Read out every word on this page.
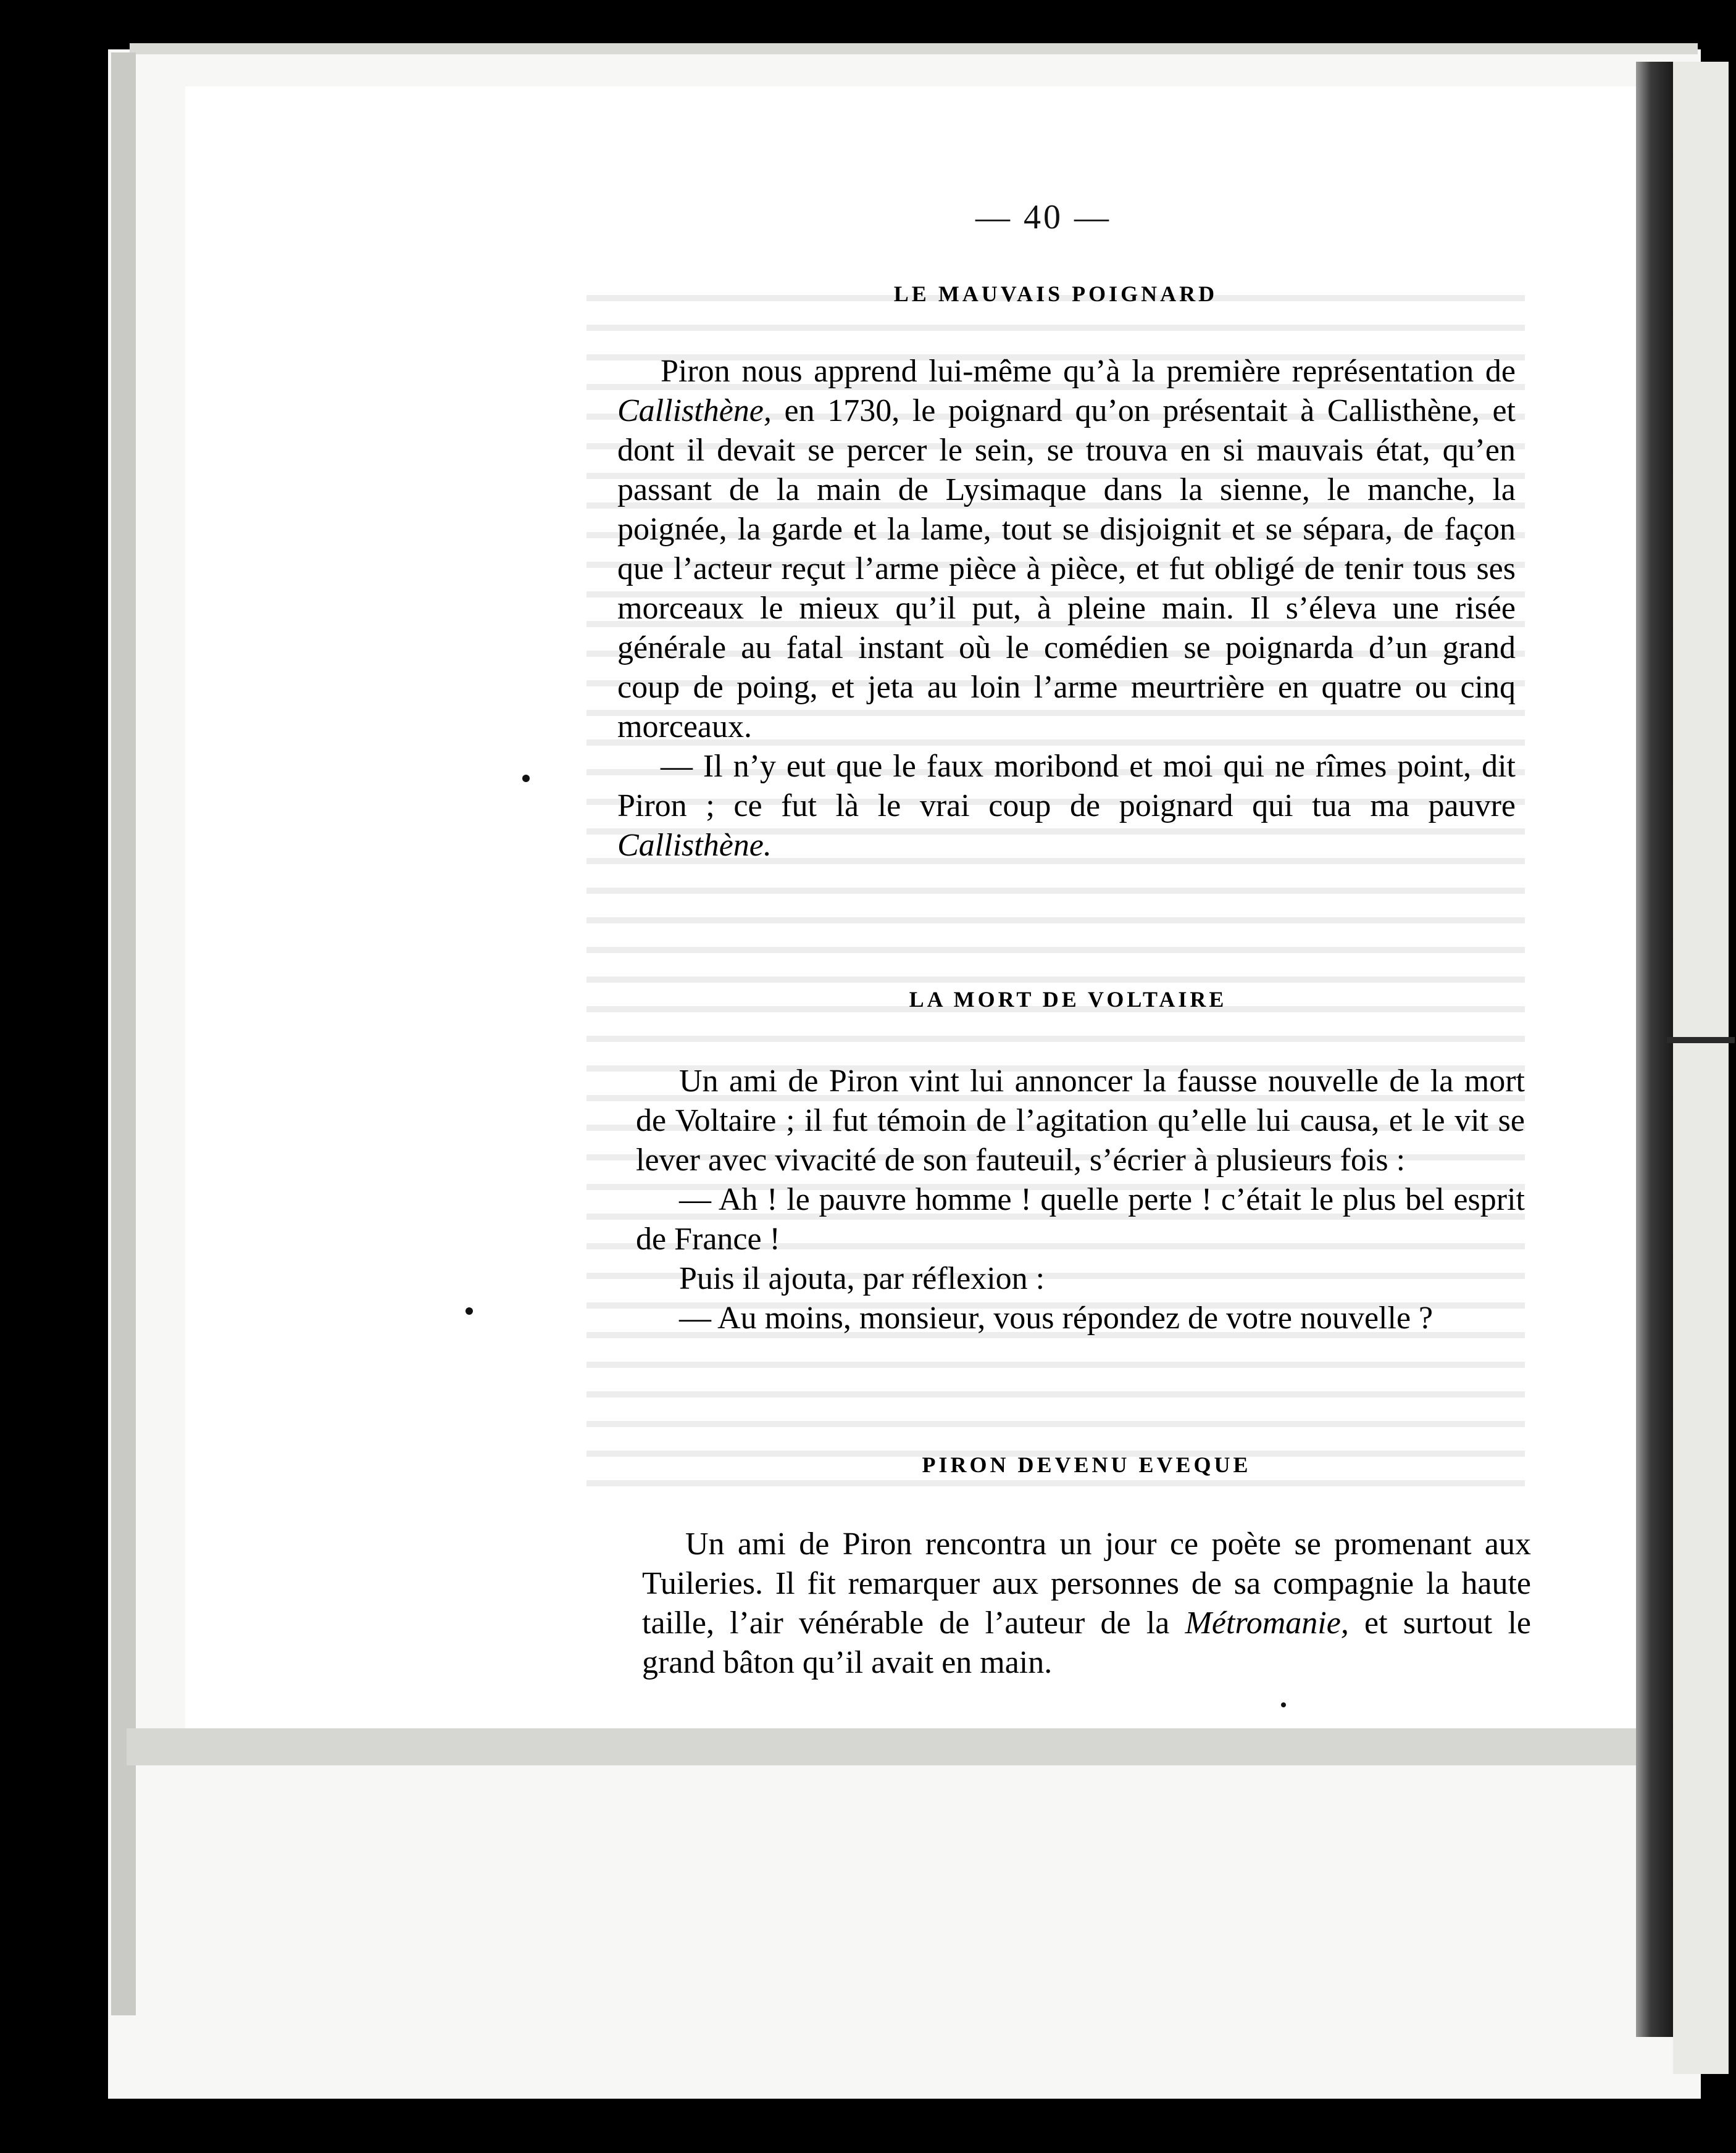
— 40 —
LE MAUVAIS POIGNARD

Piron nous apprend lui-même qu’à la première représentation de Callisthène, en 1730, le poignard qu’on présentait à Callisthène, et dont il devait se percer le sein, se trouva en si mauvais état, qu’en passant de la main de Lysimaque dans la sienne, le manche, la poignée, la garde et la lame, tout se disjoignit et se sépara, de façon que l’acteur reçut l’arme pièce à pièce, et fut obligé de tenir tous ses morceaux le mieux qu’il put, à pleine main. Il s’éleva une risée générale au fatal instant où le comédien se poignarda d’un grand coup de poing, et jeta au loin l’arme meurtrière en quatre ou cinq morceaux.

— Il n’y eut que le faux moribond et moi qui ne rîmes point, dit Piron ; ce fut là le vrai coup de poignard qui tua ma pauvre Callisthène.

LA MORT DE VOLTAIRE

Un ami de Piron vint lui annoncer la fausse nouvelle de la mort de Voltaire ; il fut témoin de l’agitation qu’elle lui causa, et le vit se lever avec vivacité de son fauteuil, s’écrier à plusieurs fois :

— Ah ! le pauvre homme ! quelle perte ! c’était le plus bel esprit de France !

Puis il ajouta, par réflexion :

— Au moins, monsieur, vous répondez de votre nouvelle ?

PIRON DEVENU EVEQUE

Un ami de Piron rencontra un jour ce poète se promenant aux Tuileries. Il fit remarquer aux personnes de sa compagnie la haute taille, l’air vénérable de l’auteur de la Métromanie, et surtout le grand bâton qu’il avait en main.
